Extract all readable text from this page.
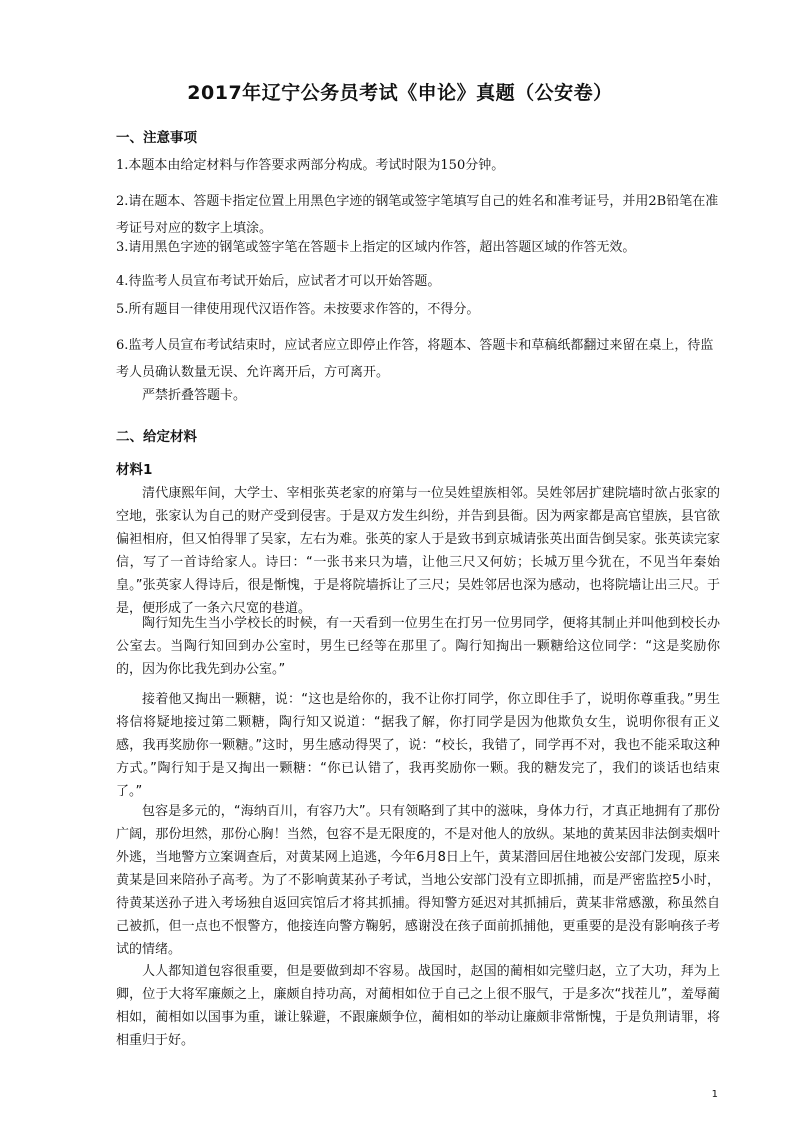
2017年辽宁公务员考试《申论》真题（公安卷）
一、注意事项

1.本题本由给定材料与作答要求两部分构成。考试时限为150分钟。

2.请在题本、答题卡指定位置上用黑色字迹的钢笔或签字笔填写自己的姓名和准考证号，并用2B铅笔在准考证号对应的数字上填涂。

3.请用黑色字迹的钢笔或签字笔在答题卡上指定的区域内作答，超出答题区域的作答无效。

4.待监考人员宣布考试开始后，应试者才可以开始答题。

5.所有题目一律使用现代汉语作答。未按要求作答的，不得分。

6.监考人员宣布考试结束时，应试者应立即停止作答，将题本、答题卡和草稿纸都翻过来留在桌上，待监考人员确认数量无误、允许离开后，方可离开。

严禁折叠答题卡。

二、给定材料
材料1

清代康熙年间，大学士、宰相张英老家的府第与一位吴姓望族相邻。吴姓邻居扩建院墙时欲占张家的空地，张家认为自己的财产受到侵害。于是双方发生纠纷，并告到县衙。因为两家都是高官望族，县官欲偏袒相府，但又怕得罪了吴家，左右为难。张英的家人于是致书到京城请张英出面告倒吴家。张英读完家信，写了一首诗给家人。诗曰：“一张书来只为墙，让他三尺又何妨；长城万里今犹在，不见当年秦始皇。”张英家人得诗后，很是惭愧，于是将院墙拆让了三尺；吴姓邻居也深为感动，也将院墙让出三尺。于是，便形成了一条六尺宽的巷道。

陶行知先生当小学校长的时候，有一天看到一位男生在打另一位男同学，便将其制止并叫他到校长办公室去。当陶行知回到办公室时，男生已经等在那里了。陶行知掏出一颗糖给这位同学：“这是奖励你的，因为你比我先到办公室。”

接着他又掏出一颗糖，说：“这也是给你的，我不让你打同学，你立即住手了，说明你尊重我。”男生将信将疑地接过第二颗糖，陶行知又说道：“据我了解，你打同学是因为他欺负女生，说明你很有正义感，我再奖励你一颗糖。”这时，男生感动得哭了，说：“校长，我错了，同学再不对，我也不能采取这种方式。”陶行知于是又掏出一颗糖：“你已认错了，我再奖励你一颗。我的糖发完了，我们的谈话也结束了。”

包容是多元的，“海纳百川，有容乃大”。只有领略到了其中的滋味，身体力行，才真正地拥有了那份广阔，那份坦然，那份心胸！当然，包容不是无限度的，不是对他人的放纵。某地的黄某因非法倒卖烟叶外逃，当地警方立案调查后，对黄某网上追逃，今年6月8日上午，黄某潜回居住地被公安部门发现，原来黄某是回来陪孙子高考。为了不影响黄某孙子考试，当地公安部门没有立即抓捕，而是严密监控5小时，待黄某送孙子进入考场独自返回宾馆后才将其抓捕。得知警方延迟对其抓捕后，黄某非常感激，称虽然自己被抓，但一点也不恨警方，他接连向警方鞠躬，感谢没在孩子面前抓捕他，更重要的是没有影响孩子考试的情绪。

人人都知道包容很重要，但是要做到却不容易。战国时，赵国的蔺相如完璧归赵，立了大功，拜为上卿，位于大将军廉颇之上，廉颇自持功高，对蔺相如位于自己之上很不服气，于是多次“找茬儿”，羞辱蔺相如，蔺相如以国事为重，谦让躲避，不跟廉颇争位，蔺相如的举动让廉颇非常惭愧，于是负荆请罪，将相重归于好。

1
